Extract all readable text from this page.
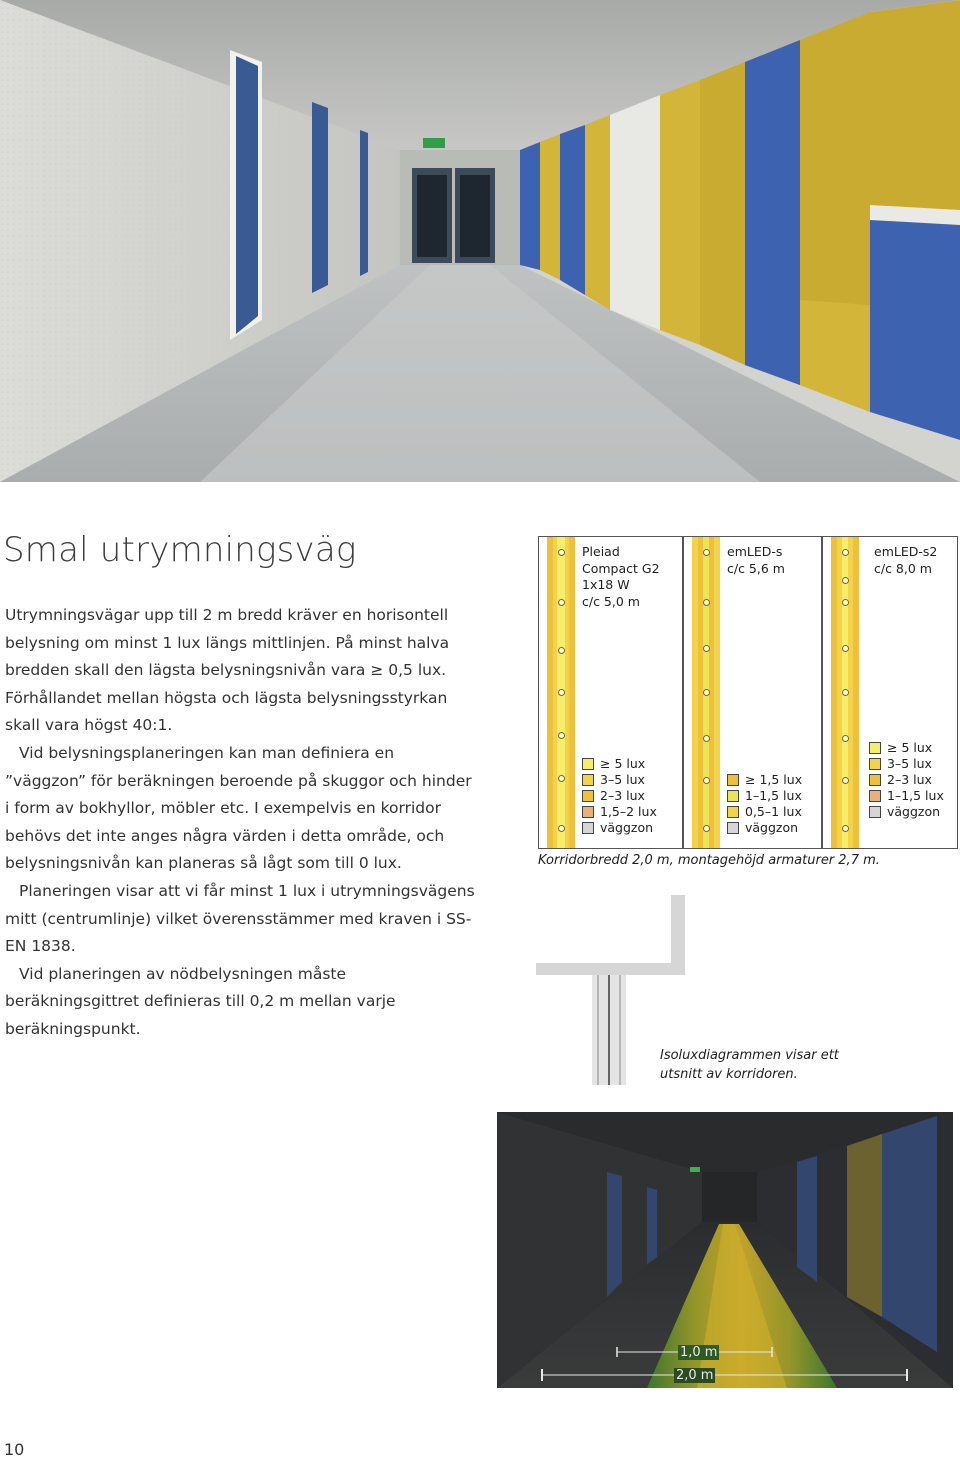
Smal utrymningsväg

Utrymningsvägar upp till 2 m bredd kräver en horisontell belysning om minst 1 lux längs mittlinjen. På minst halva bredden skall den lägsta belysningsnivån vara ≥ 0,5 lux. Förhållandet mellan högsta och lägsta belysningsstyrkan skall vara högst 40:1.

Vid belysningsplaneringen kan man definiera en ”väggzon” för beräkningen beroende på skuggor och hinder i form av bokhyllor, möbler etc. I exempelvis en korridor behövs det inte anges några värden i detta område, och belysningsnivån kan planeras så lågt som till 0 lux.

Planeringen visar att vi får minst 1 lux i utrymningsvägens mitt (centrumlinje) vilket överensstämmer med kraven i SS-EN 1838.

Vid planeringen av nödbelysningen måste beräkningsgittret definieras till 0,2 m mellan varje beräkningspunkt.

Pleiad
Compact G2
1x18 W
c/c 5,0 m
≥ 5 lux
3–5 lux
2–3 lux
1,5–2 lux
väggzon
emLED-s
c/c 5,6 m
≥ 1,5 lux
1–1,5 lux
0,5–1 lux
väggzon
emLED-s2
c/c 8,0 m
≥ 5 lux
3–5 lux
2–3 lux
1–1,5 lux
väggzon
Korridorbredd 2,0 m, montagehöjd armaturer 2,7 m.
Isoluxdiagrammen visar ett utsnitt av korridoren.
1,0 m
2,0 m
10
